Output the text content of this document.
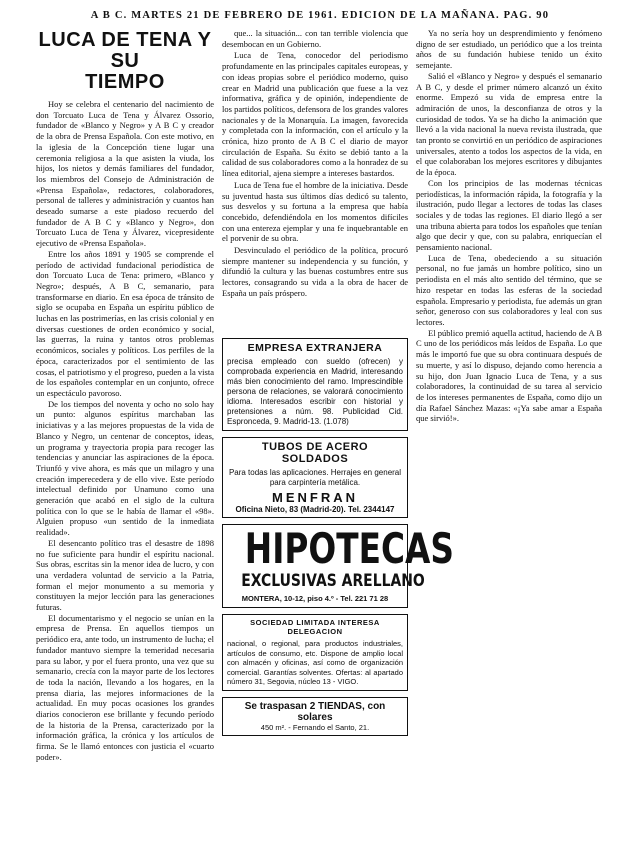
A B C. MARTES 21 DE FEBRERO DE 1961. EDICION DE LA MAÑANA. PAG. 90
LUCA DE TENA Y SU
TIEMPO

Hoy se celebra el centenario del nacimiento de don Torcuato Luca de Tena y Álvarez Ossorio, fundador de «Blanco y Negro» y A B C y creador de la obra de Prensa Española. Con este motivo, en la iglesia de la Concepción tiene lugar una ceremonia religiosa a la que asisten la viuda, los hijos, los nietos y demás familiares del fundador, los miembros del Consejo de Administración de «Prensa Española», redactores, colaboradores, personal de talleres y administración y cuantos han deseado sumarse a este piadoso recuerdo del fundador de A B C y «Blanco y Negro», don Torcuato Luca de Tena y Álvarez, vicepresidente ejecutivo de «Prensa Española».

Entre los años 1891 y 1905 se comprende el período de actividad fundacional periodística de don Torcuato Luca de Tena: primero, «Blanco y Negro»; después, A B C, semanario, para transformarse en diario. En esa época de tránsito de siglo se ocupaba en España un espíritu público de luchas en las postrimerías, en las crisis colonial y en diversas cuestiones de orden económico y social, las guerras, la ruina y tantos otros problemas económicos, sociales y políticos. Los perfiles de la época, caracterizados por el sentimiento de las cosas, el patriotismo y el progreso, pueden a la vista de los españoles contemplar en un conjunto, ofrece un espectáculo pavoroso.

De los tiempos del noventa y ocho no solo hay un punto: algunos espíritus marchaban las iniciativas y a las mejores propuestas de la vida de Blanco y Negro, un centenar de conceptos, ideas, un programa y trayectoria propia para recoger las tendencias y anunciar las aspiraciones de la época. Triunfó y vive ahora, es más que un milagro y una creación imperecedera y de ello vive. Este período intelectual definido por Unamuno como una generación que acabó en el siglo de la cultura política con lo que se le había de llamar el «98». Alguien propuso «un sentido de la inmediata realidad».

El desencanto político tras el desastre de 1898 no fue suficiente para hundir el espíritu nacional. Sus obras, escritas sin la menor idea de lucro, y con una verdadera voluntad de servicio a la Patria, forman el mejor monumento a su memoria y constituyen la mejor lección para las generaciones futuras.

El documentarismo y el negocio se unían en la empresa de Prensa. En aquellos tiempos un periódico era, ante todo, un instrumento de lucha; el fundador mantuvo siempre la temeridad necesaria para su labor, y por el fuera pronto, una vez que su semanario, crecía con la mayor parte de los lectores de toda la nación, llevando a los hogares, en la prensa diaria, las mejores informaciones de la actualidad. En muy pocas ocasiones los grandes diarios conocieron ese brillante y fecundo período de la historia de la Prensa, caracterizado por la información gráfica, la crónica y los artículos de firma. Se le llamó entonces con justicia el «cuarto poder».

que... la situación... con tan terrible violencia que desembocan en un Gobierno.

Luca de Tena, conocedor del periodismo profundamente en las principales capitales europeas, y con ideas propias sobre el periódico moderno, quiso crear en Madrid una publicación que fuese a la vez informativa, gráfica y de opinión, independiente de los partidos políticos, defensora de los grandes valores nacionales y de la Monarquía. La imagen, favorecida y completada con la información, con el artículo y la crónica, hizo pronto de A B C el diario de mayor circulación de España. Su éxito se debió tanto a la calidad de sus colaboradores como a la honradez de su línea editorial, ajena siempre a intereses bastardos.

Luca de Tena fue el hombre de la iniciativa. Desde su juventud hasta sus últimos días dedicó su talento, sus desvelos y su fortuna a la empresa que había concebido, defendiéndola en los momentos difíciles con una entereza ejemplar y una fe inquebrantable en el porvenir de su obra.

Desvinculado el periódico de la política, procuró siempre mantener su independencia y su función, y difundió la cultura y las buenas costumbres entre sus lectores, consagrando su vida a la obra de hacer de España un país próspero.

EMPRESA EXTRANJERA
precisa empleado con sueldo (ofrecen) y comprobada experiencia en Madrid, interesando más bien conocimiento del ramo. Imprescindible persona de relaciones, se valorará conocimiento idioma. Interesados escribir con historial y pretensiones a núm. 98. Publicidad Cid. Espronceda, 9. Madrid-13. (1.078)
TUBOS DE ACERO SOLDADOS
Para todas las aplicaciones. Herrajes en general para carpintería metálica.
MENFRAN
Oficina Nieto, 83 (Madrid-20). Tel. 2344147
HIPOTECAS
EXCLUSIVAS ARELLANO
MONTERA, 10-12, piso 4.º - Tel. 221 71 28
SOCIEDAD LIMITADA INTERESA DELEGACION
nacional, o regional, para productos industriales, artículos de consumo, etc. Dispone de amplio local con almacén y oficinas, así como de organización comercial. Garantías solventes. Ofertas: al apartado número 31, Segovia, núcleo 13 - VIGO.
Se traspasan 2 TIENDAS, con solares
450 m². - Fernando el Santo, 21.

Ya no sería hoy un desprendimiento y fenómeno digno de ser estudiado, un periódico que a los treinta años de su fundación hubiese tenido un éxito semejante.

Salió el «Blanco y Negro» y después el semanario A B C, y desde el primer número alcanzó un éxito enorme. Empezó su vida de empresa entre la admiración de unos, la desconfianza de otros y la curiosidad de todos. Ya se ha dicho la animación que llevó a la vida nacional la nueva revista ilustrada, que tan pronto se convirtió en un periódico de aspiraciones universales, atento a todos los aspectos de la vida, en el que colaboraban los mejores escritores y dibujantes de la época.

Con los principios de las modernas técnicas periodísticas, la información rápida, la fotografía y la ilustración, pudo llegar a lectores de todas las clases sociales y de todas las regiones. El diario llegó a ser una tribuna abierta para todos los españoles que tenían algo que decir y que, con su palabra, enriquecían el pensamiento nacional.

Luca de Tena, obedeciendo a su situación personal, no fue jamás un hombre político, sino un periodista en el más alto sentido del término, que se hizo respetar en todas las esferas de la sociedad española. Empresario y periodista, fue además un gran señor, generoso con sus colaboradores y leal con sus lectores.

El público premió aquella actitud, haciendo de A B C uno de los periódicos más leídos de España. Lo que más le importó fue que su obra continuara después de su muerte, y así lo dispuso, dejando como herencia a su hijo, don Juan Ignacio Luca de Tena, y a sus colaboradores, la continuidad de su tarea al servicio de los intereses permanentes de España, como dijo un día Rafael Sánchez Mazas: «¡Ya sabe amar a España que sirvió!».
